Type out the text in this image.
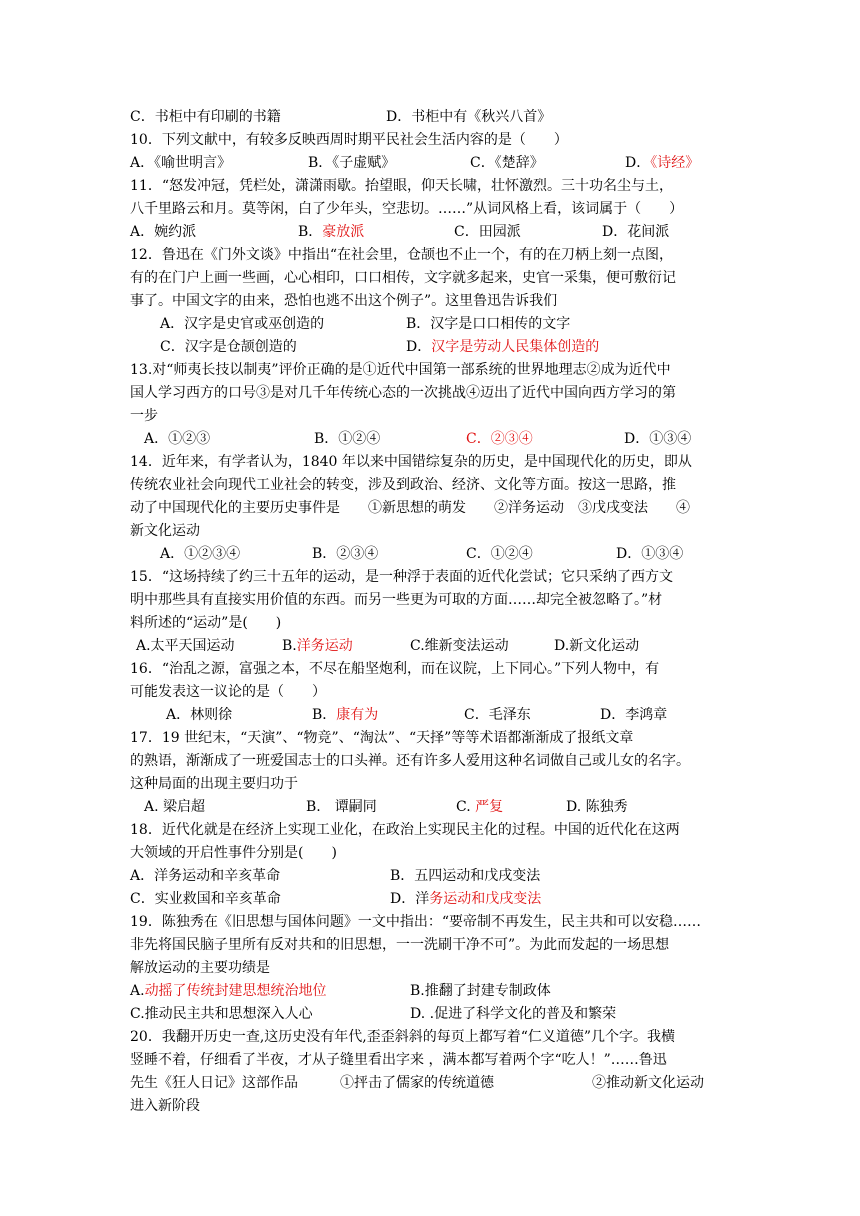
C．书柜中有印刷的书籍	D．书柜中有《秋兴八首》
10．下列文献中，有较多反映西周时期平民社会生活内容的是（　　）
A．《喻世明言》	B．《子虚赋》	C．《楚辞》	D．《诗经》
11．“怒发冲冠，凭栏处，潇潇雨歇。抬望眼，仰天长啸，壮怀激烈。三十功名尘与土，
八千里路云和月。莫等闲，白了少年头，空悲切。……”从词风格上看，该词属于（　　）
A．婉约派	B．豪放派	C．田园派	D．花间派
12．鲁迅在《门外文谈》中指出“在社会里，仓颉也不止一个，有的在刀柄上刻一点图，
有的在门户上画一些画，心心相印，口口相传，文字就多起来，史官一采集，便可敷衍记
事了。中国文字的由来，恐怕也逃不出这个例子”。这里鲁迅告诉我们
A．汉字是史官或巫创造的	B．汉字是口口相传的文字
C．汉字是仓颉创造的	D．汉字是劳动人民集体创造的
13.对“师夷长技以制夷”评价正确的是①近代中国第一部系统的世界地理志②成为近代中
国人学习西方的口号③是对几千年传统心态的一次挑战④迈出了近代中国向西方学习的第
一步
A．①②③	B．①②④	C．②③④	D．①③④
14．近年来，有学者认为，1840 年以来中国错综复杂的历史，是中国现代化的历史，即从
传统农业社会向现代工业社会的转变，涉及到政治、经济、文化等方面。按这一思路，推
动了中国现代化的主要历史事件是　　①新思想的萌发　　②洋务运动　③戊戌变法　　④
新文化运动
A．①②③④	B．②③④	C．①②④	D．①③④
15．“这场持续了约三十五年的运动，是一种浮于表面的近代化尝试；它只采纳了西方文
明中那些具有直接实用价值的东西。而另一些更为可取的方面……却完全被忽略了。”材
料所述的“运动”是(　　)
A.太平天国运动	B.洋务运动	C.维新变法运动	D.新文化运动
16．“治乱之源，富强之本，不尽在船坚炮利，而在议院，上下同心。”下列人物中，有
可能发表这一议论的是（　　）
A．林则徐	B．康有为	C．毛泽东	D．李鸿章
17．19 世纪末，“天演”、“物竞”、“淘汰”、“天择”等等术语都渐渐成了报纸文章
的熟语，渐渐成了一班爱国志士的口头禅。还有许多人爱用这种名词做自己或儿女的名字。
这种局面的出现主要归功于
A. 梁启超	B.　谭嗣同	C. 严复	D. 陈独秀
18．近代化就是在经济上实现工业化，在政治上实现民主化的过程。中国的近代化在这两
大领域的开启性事件分别是(　　)
A．洋务运动和辛亥革命	B．五四运动和戊戌变法
C．实业救国和辛亥革命	D．洋务运动和戊戌变法
19．陈独秀在《旧思想与国体问题》一文中指出：“要帝制不再发生，民主共和可以安稳……
非先将国民脑子里所有反对共和的旧思想，一一洗刷干净不可”。为此而发起的一场思想
解放运动的主要功绩是
A.动摇了传统封建思想统治地位	B.推翻了封建专制政体
C.推动民主共和思想深入人心	D. .促进了科学文化的普及和繁荣
20．我翻开历史一查,这历史没有年代,歪歪斜斜的每页上都写着“仁义道德”几个字。我横
竖睡不着，仔细看了半夜，才从子缝里看出字来 ，满本都写着两个字“吃人！”……鲁迅
先生《狂人日记》这部作品　　　①抨击了儒家的传统道德　　　　　　　②推动新文化运动
进入新阶段
